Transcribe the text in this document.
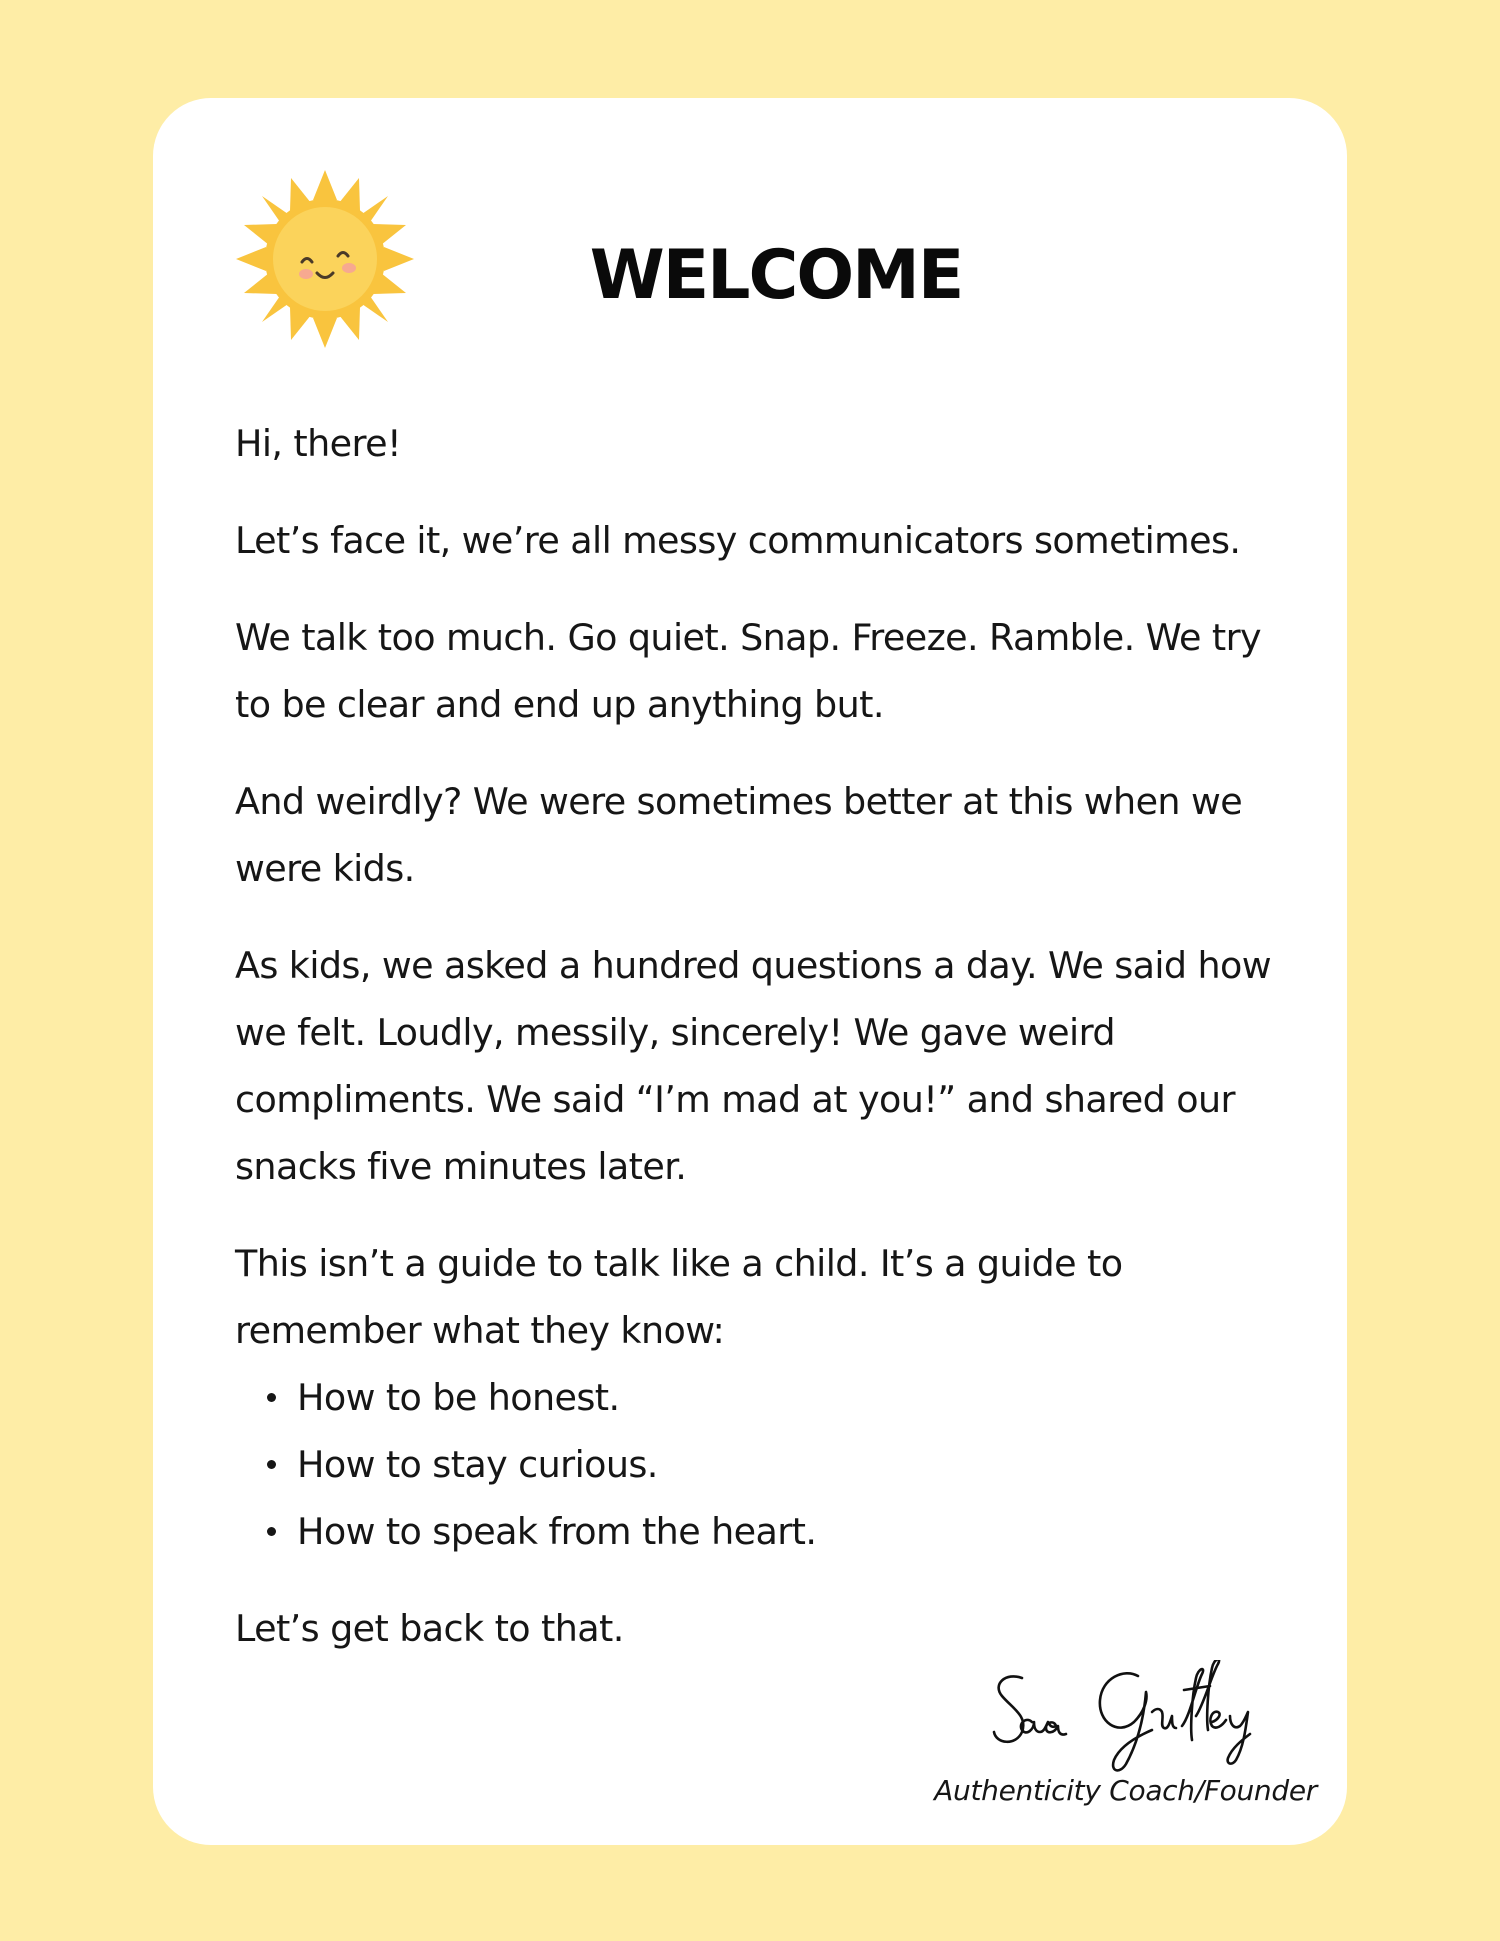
WELCOME

Hi, there!

Let’s face it, we’re all messy communicators sometimes.

We talk too much. Go quiet. Snap. Freeze. Ramble. We try to be clear and end up anything but.

And weirdly? We were sometimes better at this when we were kids.

As kids, we asked a hundred questions a day. We said how we felt. Loudly, messily, sincerely! We gave weird compliments. We said “I’m mad at you!” and shared our snacks five minutes later.

This isn’t a guide to talk like a child. It’s a guide to remember what they know:

How to be honest.
How to stay curious.
How to speak from the heart.

Let’s get back to that.

Authenticity Coach/Founder
